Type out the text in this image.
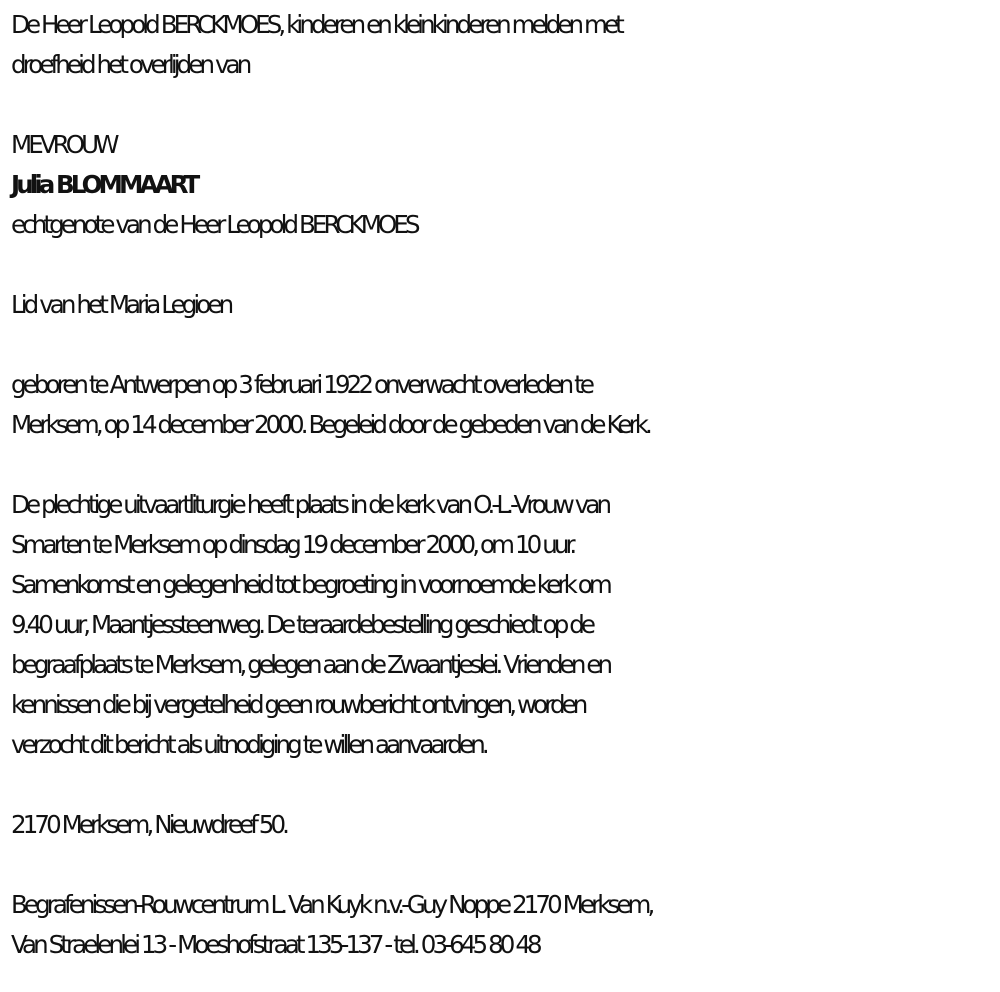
De Heer Leopold BERCKMOES, kinderen en kleinkinderen melden met
droefheid het overlijden van
MEVROUW
Julia BLOMMAART
echtgenote van de Heer Leopold BERCKMOES
Lid van het Maria Legioen
geboren te Antwerpen op 3 februari 1922 onverwacht overleden te
Merksem, op 14 december 2000. Begeleid door de gebeden van de Kerk.
De plechtige uitvaartliturgie heeft plaats in de kerk van O.-L.-Vrouw van
Smarten te Merksem op dinsdag 19 december 2000, om 10 uur.
Samenkomst en gelegenheid tot begroeting in voornoemde kerk om
9.40 uur, Maantjessteenweg. De teraardebestelling geschiedt op de
begraafplaats te Merksem, gelegen aan de Zwaantjeslei. Vrienden en
kennissen die bij vergetelheid geen rouwbericht ontvingen, worden
verzocht dit bericht als uitnodiging te willen aanvaarden.
2170 Merksem, Nieuwdreef 50.
Begrafenissen-Rouwcentrum L. Van Kuyk n.v.-Guy Noppe 2170 Merksem,
Van Straelenlei 13 - Moeshofstraat 135-137 - tel. 03-645 80 48
